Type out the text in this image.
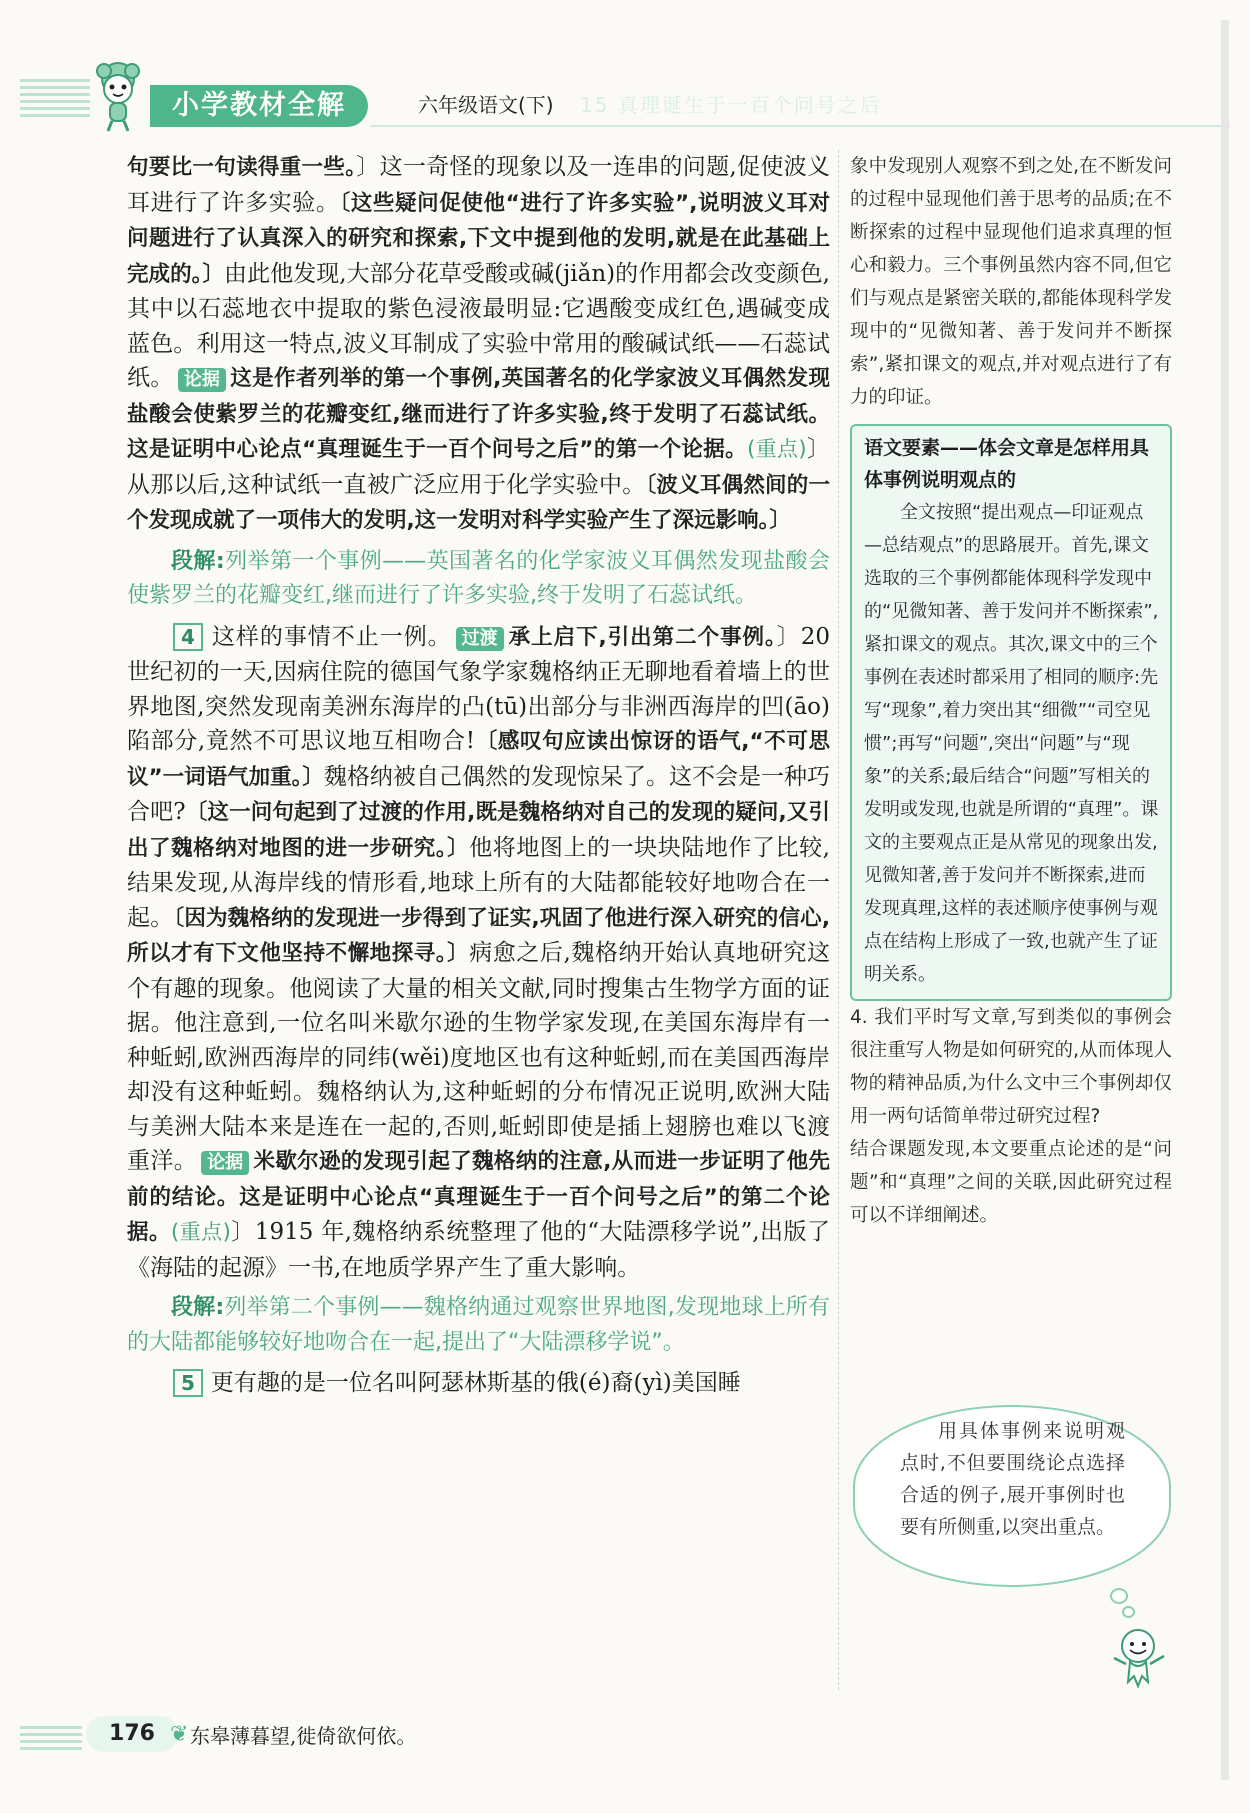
小学教材全解	六年级语文(下) 15 真理诞生于一百个问号之后

句要比一句读得重一些。〕这一奇怪的现象以及一连串的问题,促使波义耳进行了许多实验。〔这些疑问促使他“进行了许多实验”,说明波义耳对问题进行了认真深入的研究和探索,下文中提到他的发明,就是在此基础上完成的。〕由此他发现,大部分花草受酸或碱(jiǎn)的作用都会改变颜色,其中以石蕊地衣中提取的紫色浸液最明显:它遇酸变成红色,遇碱变成蓝色。利用这一特点,波义耳制成了实验中常用的酸碱试纸——石蕊试纸。 论据 这是作者列举的第一个事例,英国著名的化学家波义耳偶然发现盐酸会使紫罗兰的花瓣变红,继而进行了许多实验,终于发明了石蕊试纸。这是证明中心论点“真理诞生于一百个问号之后”的第一个论据。(重点)〕从那以后,这种试纸一直被广泛应用于化学实验中。〔波义耳偶然间的一个发现成就了一项伟大的发明,这一发明对科学实验产生了深远影响。〕

段解:列举第一个事例——英国著名的化学家波义耳偶然发现盐酸会使紫罗兰的花瓣变红,继而进行了许多实验,终于发明了石蕊试纸。

4 这样的事情不止一例。 过渡 承上启下,引出第二个事例。〕20 世纪初的一天,因病住院的德国气象学家魏格纳正无聊地看着墙上的世界地图,突然发现南美洲东海岸的凸(tū)出部分与非洲西海岸的凹(āo)陷部分,竟然不可思议地互相吻合!〔感叹句应读出惊讶的语气,“不可思议”一词语气加重。〕魏格纳被自己偶然的发现惊呆了。这不会是一种巧合吧?〔这一问句起到了过渡的作用,既是魏格纳对自己的发现的疑问,又引出了魏格纳对地图的进一步研究。〕他将地图上的一块块陆地作了比较,结果发现,从海岸线的情形看,地球上所有的大陆都能较好地吻合在一起。〔因为魏格纳的发现进一步得到了证实,巩固了他进行深入研究的信心,所以才有下文他坚持不懈地探寻。〕病愈之后,魏格纳开始认真地研究这个有趣的现象。他阅读了大量的相关文献,同时搜集古生物学方面的证据。他注意到,一位名叫米歇尔逊的生物学家发现,在美国东海岸有一种蚯蚓,欧洲西海岸的同纬(wěi)度地区也有这种蚯蚓,而在美国西海岸却没有这种蚯蚓。魏格纳认为,这种蚯蚓的分布情况正说明,欧洲大陆与美洲大陆本来是连在一起的,否则,蚯蚓即使是插上翅膀也难以飞渡重洋。 论据 米歇尔逊的发现引起了魏格纳的注意,从而进一步证明了他先前的结论。这是证明中心论点“真理诞生于一百个问号之后”的第二个论据。(重点)〕1915 年,魏格纳系统整理了他的“大陆漂移学说”,出版了《海陆的起源》一书,在地质学界产生了重大影响。

段解:列举第二个事例——魏格纳通过观察世界地图,发现地球上所有的大陆都能够较好地吻合在一起,提出了“大陆漂移学说”。

5 更有趣的是一位名叫阿瑟林斯基的俄(é)裔(yì)美国睡

象中发现别人观察不到之处,在不断发问的过程中显现他们善于思考的品质;在不断探索的过程中显现他们追求真理的恒心和毅力。三个事例虽然内容不同,但它们与观点是紧密关联的,都能体现科学发现中的“见微知著、善于发问并不断探索”,紧扣课文的观点,并对观点进行了有力的印证。

语文要素——体会文章是怎样用具体事例说明观点的
全文按照“提出观点—印证观点—总结观点”的思路展开。首先,课文选取的三个事例都能体现科学发现中的“见微知著、善于发问并不断探索”,紧扣课文的观点。其次,课文中的三个事例在表述时都采用了相同的顺序:先写“现象”,着力突出其“细微”“司空见惯”;再写“问题”,突出“问题”与“现象”的关系;最后结合“问题”写相关的发明或发现,也就是所谓的“真理”。课文的主要观点正是从常见的现象出发,见微知著,善于发问并不断探索,进而发现真理,这样的表述顺序使事例与观点在结构上形成了一致,也就产生了证明关系。

4. 我们平时写文章,写到类似的事例会很注重写人物是如何研究的,从而体现人物的精神品质,为什么文中三个事例却仅用一两句话简单带过研究过程?

结合课题发现,本文要重点论述的是“问题”和“真理”之间的关联,因此研究过程可以不详细阐述。

用具体事例来说明观点时,不但要围绕论点选择合适的例子,展开事例时也要有所侧重,以突出重点。
176 ❦ 东皋薄暮望,徙倚欲何依。
